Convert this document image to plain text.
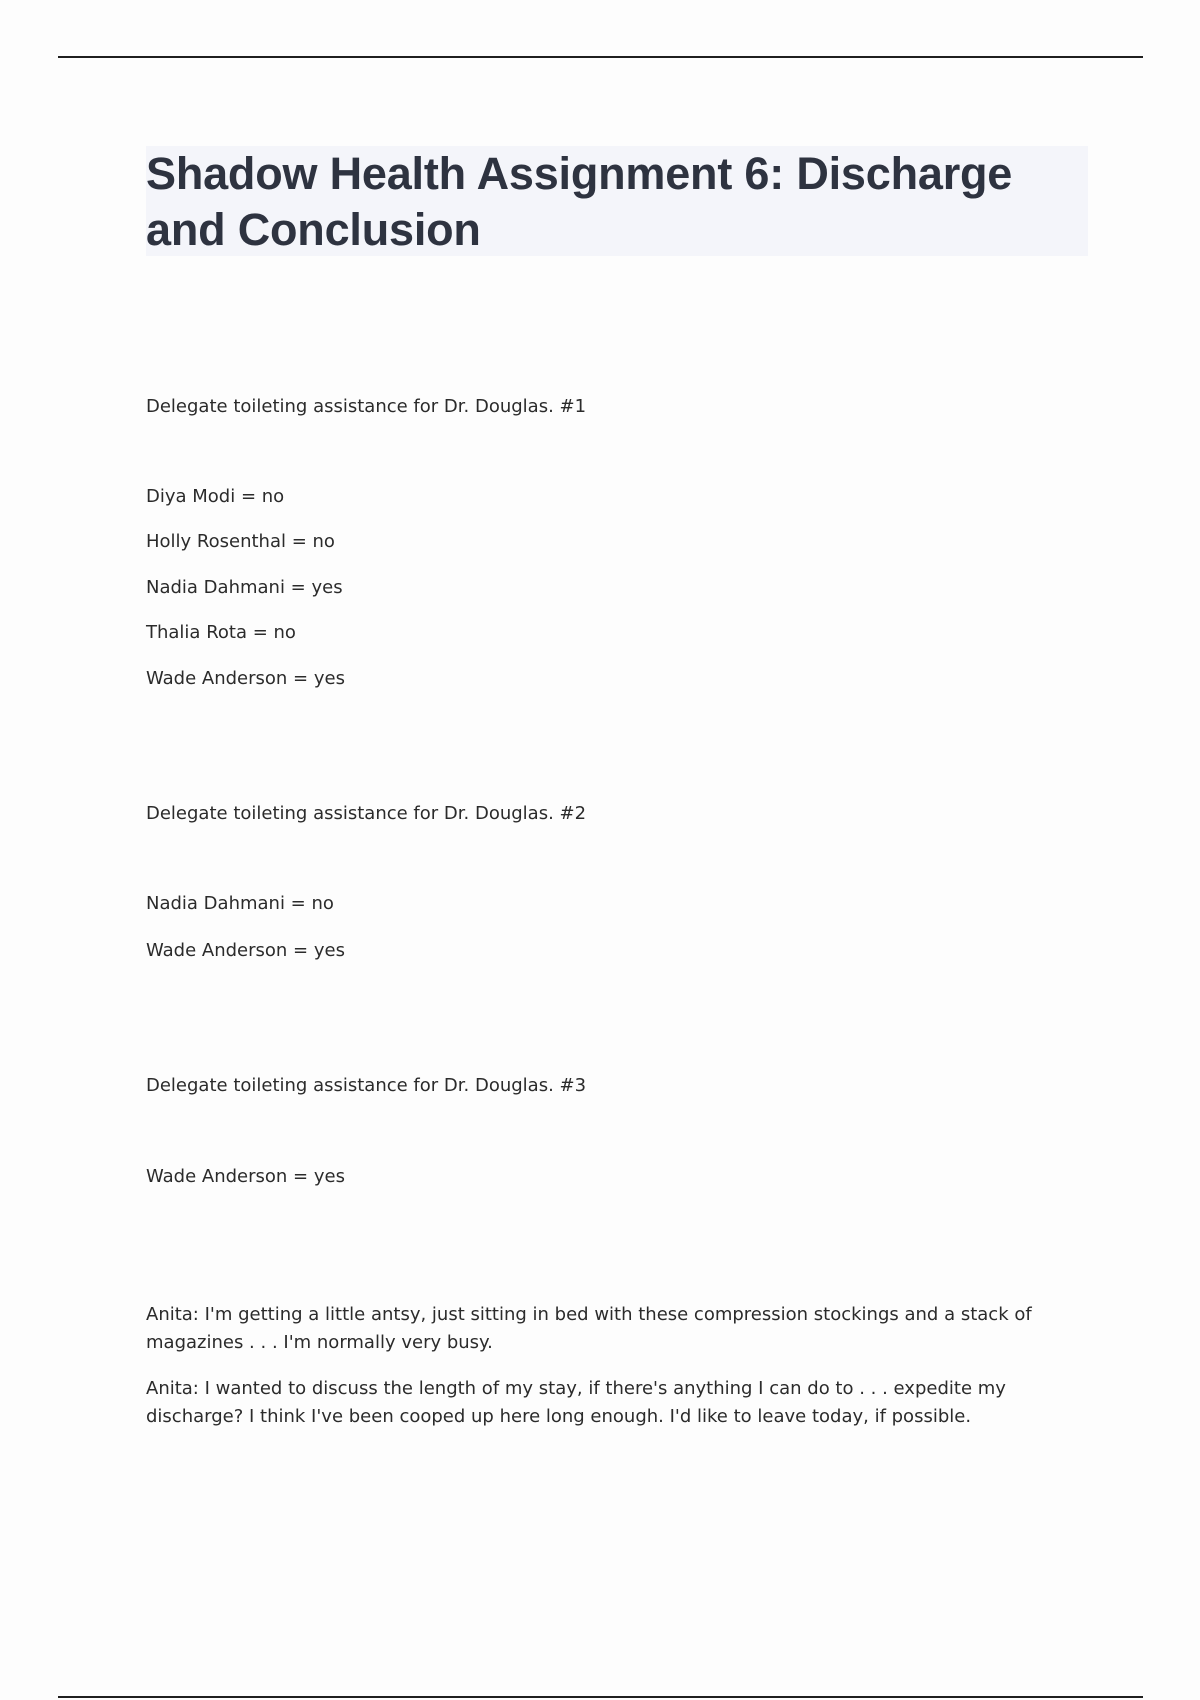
Shadow Health Assignment 6: Discharge and Conclusion

Delegate toileting assistance for Dr. Douglas. #1

Diya Modi = no

Holly Rosenthal = no

Nadia Dahmani = yes

Thalia Rota = no

Wade Anderson = yes

Delegate toileting assistance for Dr. Douglas. #2

Nadia Dahmani = no

Wade Anderson = yes

Delegate toileting assistance for Dr. Douglas. #3

Wade Anderson = yes

Anita: I'm getting a little antsy, just sitting in bed with these compression stockings and a stack of magazines . . . I'm normally very busy.

Anita: I wanted to discuss the length of my stay, if there's anything I can do to . . . expedite my discharge? I think I've been cooped up here long enough. I'd like to leave today, if possible.
